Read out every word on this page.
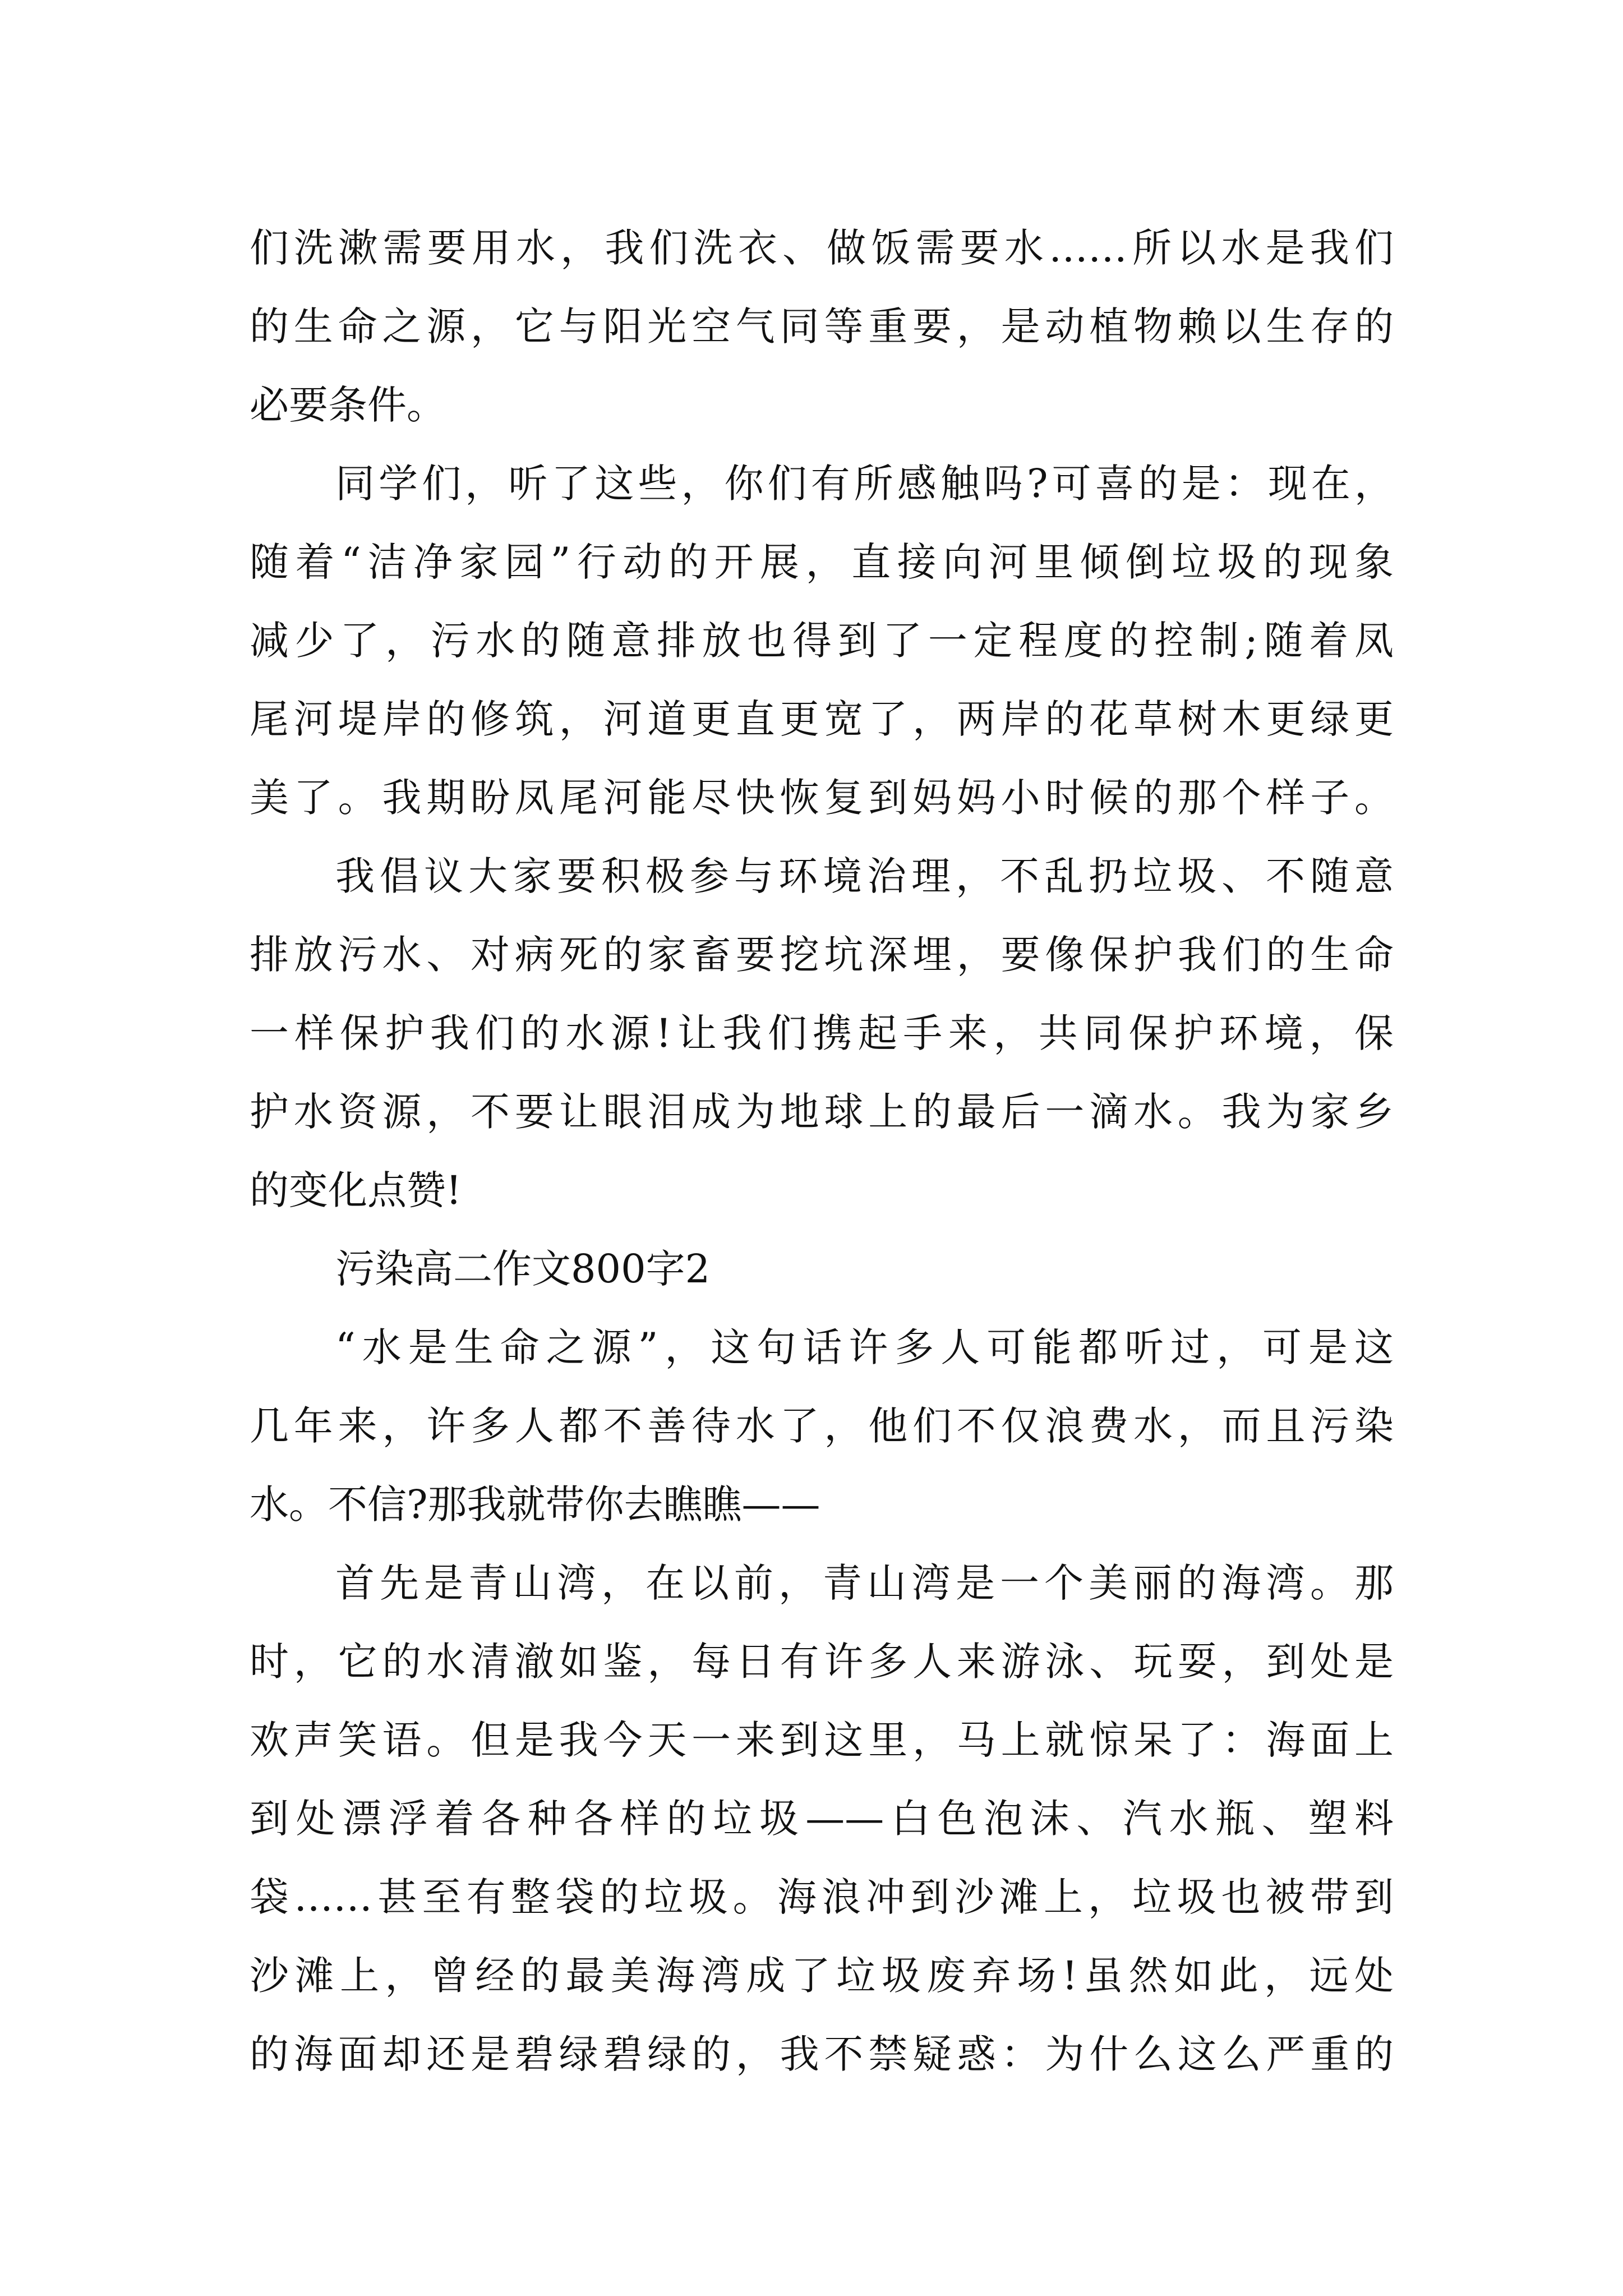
们洗漱需要用水，我们洗衣、做饭需要水……所以水是我们
的生命之源，它与阳光空气同等重要，是动植物赖以生存的
必要条件。
同学们，听了这些，你们有所感触吗?可喜的是：现在，
随着“洁净家园”行动的开展，直接向河里倾倒垃圾的现象
减少了，污水的随意排放也得到了一定程度的控制;随着凤
尾河堤岸的修筑，河道更直更宽了，两岸的花草树木更绿更
美了。我期盼凤尾河能尽快恢复到妈妈小时候的那个样子。
我倡议大家要积极参与环境治理，不乱扔垃圾、不随意
排放污水、对病死的家畜要挖坑深埋，要像保护我们的生命
一样保护我们的水源!让我们携起手来，共同保护环境，保
护水资源，不要让眼泪成为地球上的最后一滴水。我为家乡
的变化点赞!
污染高二作文800字2
“水是生命之源”，这句话许多人可能都听过，可是这
几年来，许多人都不善待水了，他们不仅浪费水，而且污染
水。不信?那我就带你去瞧瞧——
首先是青山湾，在以前，青山湾是一个美丽的海湾。那
时，它的水清澈如鉴，每日有许多人来游泳、玩耍，到处是
欢声笑语。但是我今天一来到这里，马上就惊呆了：海面上
到处漂浮着各种各样的垃圾——白色泡沫、汽水瓶、塑料
袋……甚至有整袋的垃圾。海浪冲到沙滩上，垃圾也被带到
沙滩上，曾经的最美海湾成了垃圾废弃场!虽然如此，远处
的海面却还是碧绿碧绿的，我不禁疑惑：为什么这么严重的
